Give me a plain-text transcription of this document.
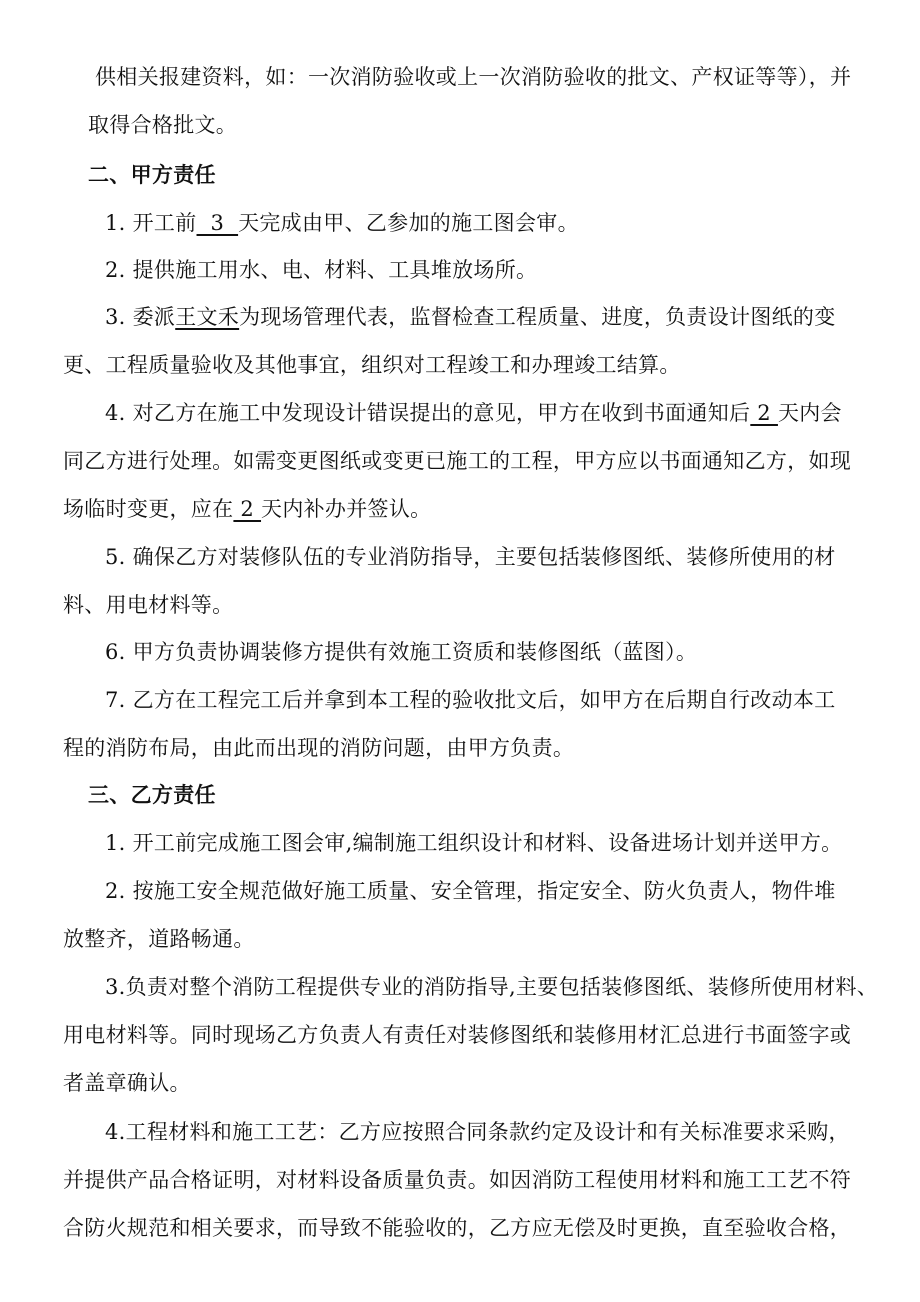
供相关报建资料，如：一次消防验收或上一次消防验收的批文、产权证等等），并
取得合格批文。
二、甲方责任
1. 开工前  3  天完成由甲、乙参加的施工图会审。
2. 提供施工用水、电、材料、工具堆放场所。
3. 委派王文禾为现场管理代表，监督检查工程质量、进度，负责设计图纸的变
更、工程质量验收及其他事宜，组织对工程竣工和办理竣工结算。
4. 对乙方在施工中发现设计错误提出的意见，甲方在收到书面通知后 2 天内会
同乙方进行处理。如需变更图纸或变更已施工的工程，甲方应以书面通知乙方，如现
场临时变更，应在 2 天内补办并签认。
5. 确保乙方对装修队伍的专业消防指导，主要包括装修图纸、装修所使用的材
料、用电材料等。
6. 甲方负责协调装修方提供有效施工资质和装修图纸（蓝图）。
7. 乙方在工程完工后并拿到本工程的验收批文后，如甲方在后期自行改动本工
程的消防布局，由此而出现的消防问题，由甲方负责。
三、乙方责任
1. 开工前完成施工图会审,编制施工组织设计和材料、设备进场计划并送甲方。
2. 按施工安全规范做好施工质量、安全管理，指定安全、防火负责人，物件堆
放整齐，道路畅通。
3.负责对整个消防工程提供专业的消防指导,主要包括装修图纸、装修所使用材料、
用电材料等。同时现场乙方负责人有责任对装修图纸和装修用材汇总进行书面签字或
者盖章确认。
4.工程材料和施工工艺：乙方应按照合同条款约定及设计和有关标准要求采购，
并提供产品合格证明，对材料设备质量负责。如因消防工程使用材料和施工工艺不符
合防火规范和相关要求，而导致不能验收的，乙方应无偿及时更换，直至验收合格，
